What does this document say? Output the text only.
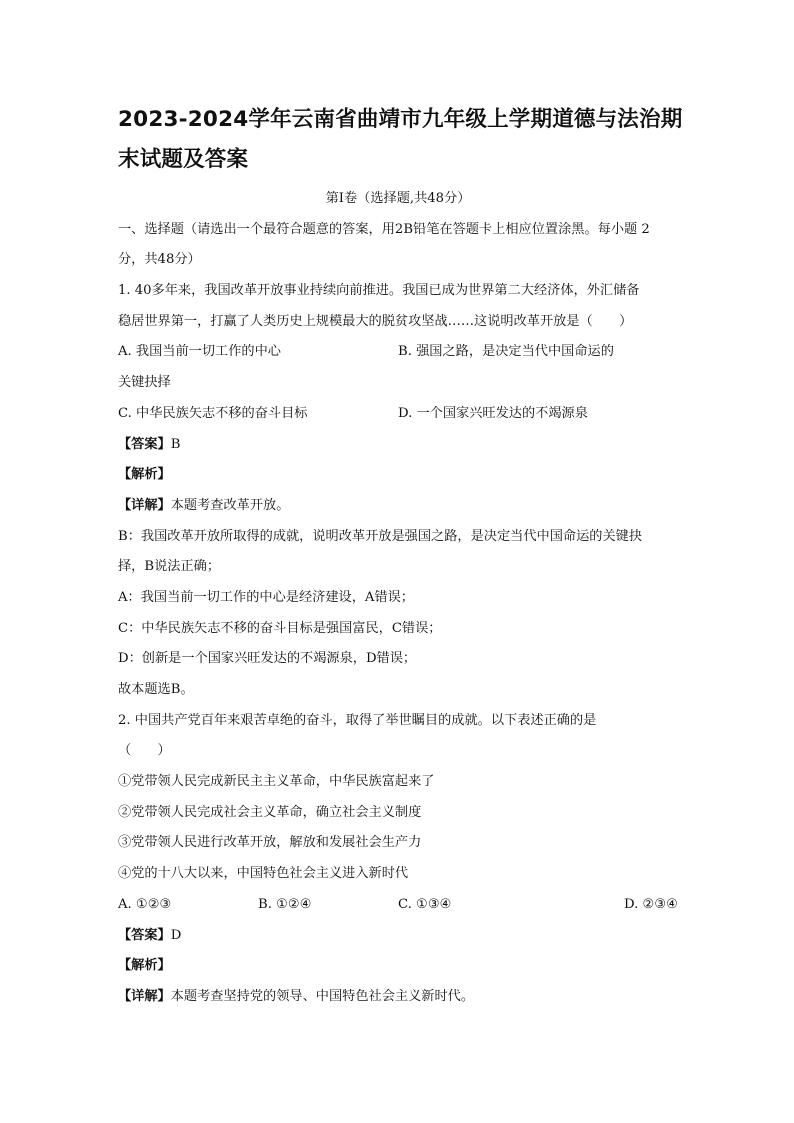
2023-2024学年云南省曲靖市九年级上学期道德与法治期末试题及答案
第Ⅰ卷（选择题,共48分）
一、选择题（请选出一个最符合题意的答案，用2B铅笔在答题卡上相应位置涂黑。每小题 2
分，共48分）
1. 40多年来，我国改革开放事业持续向前推进。我国已成为世界第二大经济体，外汇储备
稳居世界第一，打赢了人类历史上规模最大的脱贫攻坚战……这说明改革开放是（　　）
A. 我国当前一切工作的中心	B. 强国之路，是决定当代中国命运的
关键抉择
C. 中华民族矢志不移的奋斗目标	D. 一个国家兴旺发达的不竭源泉
【答案】B
【解析】
【详解】本题考查改革开放。
B：我国改革开放所取得的成就，说明改革开放是强国之路，是决定当代中国命运的关键抉
择，B说法正确；
A：我国当前一切工作的中心是经济建设，A错误；
C：中华民族矢志不移的奋斗目标是强国富民，C错误；
D：创新是一个国家兴旺发达的不竭源泉，D错误；
故本题选B。
2. 中国共产党百年来艰苦卓绝的奋斗，取得了举世瞩目的成就。以下表述正确的是
（　　）
①党带领人民完成新民主主义革命，中华民族富起来了
②党带领人民完成社会主义革命，确立社会主义制度
③党带领人民进行改革开放，解放和发展社会生产力
④党的十八大以来，中国特色社会主义进入新时代
A. ①②③	B. ①②④	C. ①③④	D. ②③④
【答案】D
【解析】
【详解】本题考查坚持党的领导、中国特色社会主义新时代。
